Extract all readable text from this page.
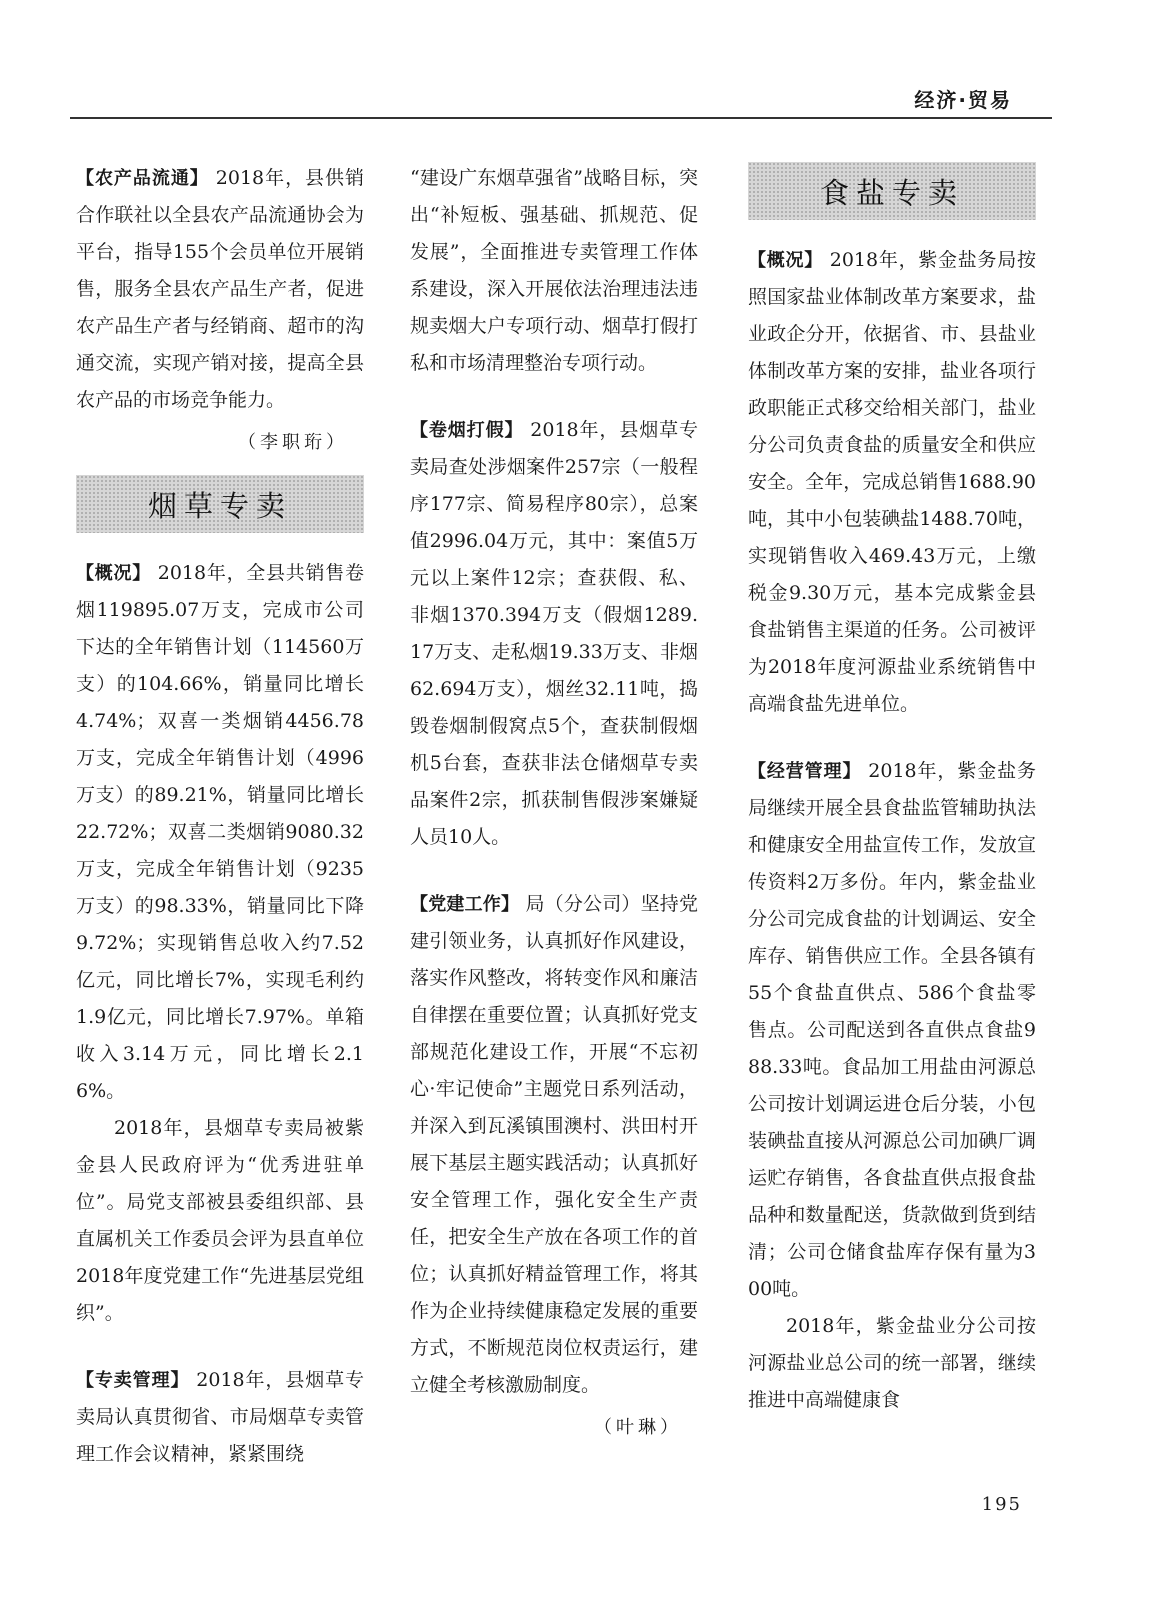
经济·贸易

【农产品流通】 2018年，县供销合作联社以全县农产品流通协会为平台，指导155个会员单位开展销售，服务全县农产品生产者，促进农产品生产者与经销商、超市的沟通交流，实现产销对接，提高全县农产品的市场竞争能力。

（李职珩）
烟草专卖

【概况】 2018年，全县共销售卷烟119895.07万支，完成市公司下达的全年销售计划（114560万支）的104.66%，销量同比增长4.74%；双喜一类烟销4456.78万支，完成全年销售计划（4996万支）的89.21%，销量同比增长22.72%；双喜二类烟销9080.32万支，完成全年销售计划（9235万支）的98.33%，销量同比下降9.72%；实现销售总收入约7.52亿元，同比增长7%，实现毛利约1.9亿元，同比增长7.97%。单箱收入3.14万元，同比增长2.16%。

2018年，县烟草专卖局被紫金县人民政府评为“优秀进驻单位”。局党支部被县委组织部、县直属机关工作委员会评为县直单位2018年度党建工作“先进基层党组织”。

【专卖管理】 2018年，县烟草专卖局认真贯彻省、市局烟草专卖管理工作会议精神，紧紧围绕

“建设广东烟草强省”战略目标，突出“补短板、强基础、抓规范、促发展”，全面推进专卖管理工作体系建设，深入开展依法治理违法违规卖烟大户专项行动、烟草打假打私和市场清理整治专项行动。

【卷烟打假】 2018年，县烟草专卖局查处涉烟案件257宗（一般程序177宗、简易程序80宗），总案值2996.04万元，其中：案值5万元以上案件12宗；查获假、私、非烟1370.394万支（假烟1289.17万支、走私烟19.33万支、非烟62.694万支），烟丝32.11吨，捣毁卷烟制假窝点5个，查获制假烟机5台套，查获非法仓储烟草专卖品案件2宗，抓获制售假涉案嫌疑人员10人。

【党建工作】 局（分公司）坚持党建引领业务，认真抓好作风建设，落实作风整改，将转变作风和廉洁自律摆在重要位置；认真抓好党支部规范化建设工作，开展“不忘初心·牢记使命”主题党日系列活动，并深入到瓦溪镇围澳村、洪田村开展下基层主题实践活动；认真抓好安全管理工作，强化安全生产责任，把安全生产放在各项工作的首位；认真抓好精益管理工作，将其作为企业持续健康稳定发展的重要方式，不断规范岗位权责运行，建立健全考核激励制度。

（叶琳）
食盐专卖

【概况】 2018年，紫金盐务局按照国家盐业体制改革方案要求，盐业政企分开，依据省、市、县盐业体制改革方案的安排，盐业各项行政职能正式移交给相关部门，盐业分公司负责食盐的质量安全和供应安全。全年，完成总销售1688.90吨，其中小包装碘盐1488.70吨，实现销售收入469.43万元，上缴税金9.30万元，基本完成紫金县食盐销售主渠道的任务。公司被评为2018年度河源盐业系统销售中高端食盐先进单位。

【经营管理】 2018年，紫金盐务局继续开展全县食盐监管辅助执法和健康安全用盐宣传工作，发放宣传资料2万多份。年内，紫金盐业分公司完成食盐的计划调运、安全库存、销售供应工作。全县各镇有55个食盐直供点、586个食盐零售点。公司配送到各直供点食盐988.33吨。食品加工用盐由河源总公司按计划调运进仓后分装，小包装碘盐直接从河源总公司加碘厂调运贮存销售，各食盐直供点报食盐品种和数量配送，货款做到货到结清；公司仓储食盐库存保有量为300吨。

2018年，紫金盐业分公司按河源盐业总公司的统一部署，继续推进中高端健康食

195
